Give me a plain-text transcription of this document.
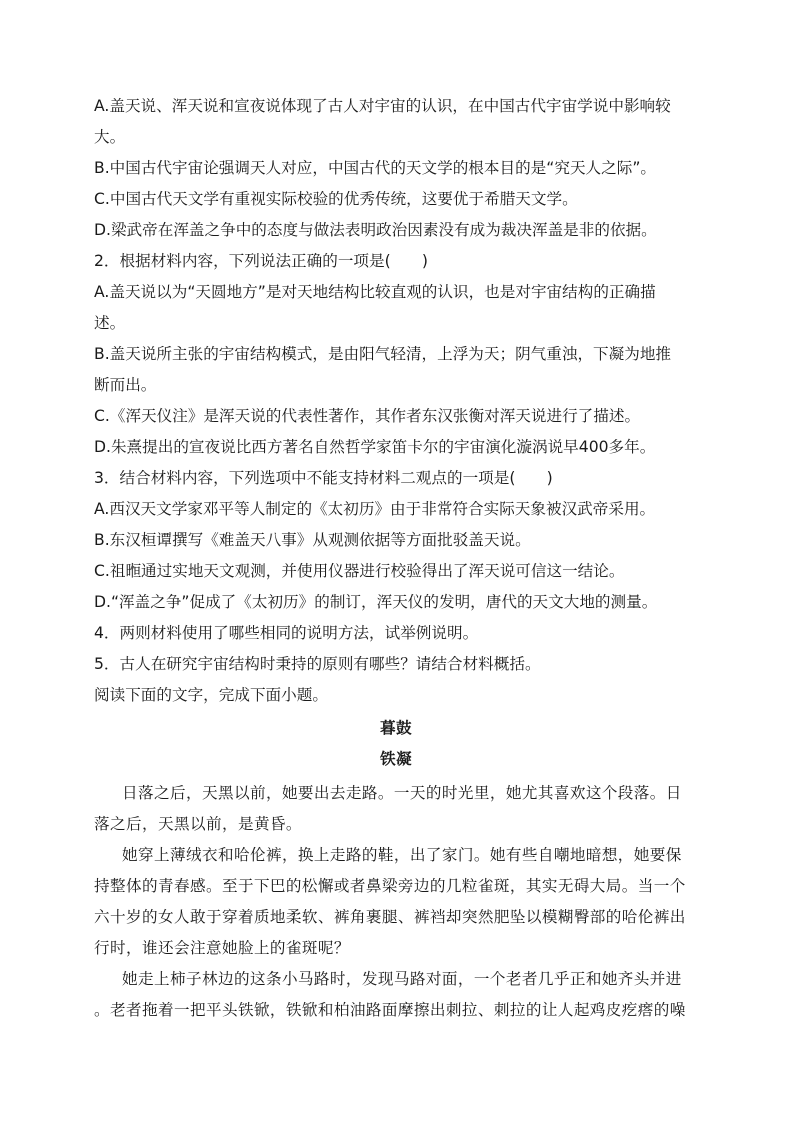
A.盖天说、浑天说和宣夜说体现了古人对宇宙的认识，在中国古代宇宙学说中影响较
大。
B.中国古代宇宙论强调天人对应，中国古代的天文学的根本目的是“究天人之际”。
C.中国古代天文学有重视实际校验的优秀传统，这要优于希腊天文学。
D.梁武帝在浑盖之争中的态度与做法表明政治因素没有成为裁决浑盖是非的依据。
2．根据材料内容，下列说法正确的一项是(　　)
A.盖天说以为“天圆地方”是对天地结构比较直观的认识，也是对宇宙结构的正确描
述。
B.盖天说所主张的宇宙结构模式，是由阳气轻清，上浮为天；阴气重浊，下凝为地推
断而出。
C.《浑天仪注》是浑天说的代表性著作，其作者东汉张衡对浑天说进行了描述。
D.朱熹提出的宣夜说比西方著名自然哲学家笛卡尔的宇宙演化漩涡说早400多年。
3．结合材料内容，下列选项中不能支持材料二观点的一项是(　　)
A.西汉天文学家邓平等人制定的《太初历》由于非常符合实际天象被汉武帝采用。
B.东汉桓谭撰写《难盖天八事》从观测依据等方面批驳盖天说。
C.祖暅通过实地天文观测，并使用仪器进行校验得出了浑天说可信这一结论。
D.“浑盖之争”促成了《太初历》的制订，浑天仪的发明，唐代的天文大地的测量。
4．两则材料使用了哪些相同的说明方法，试举例说明。
5．古人在研究宇宙结构时秉持的原则有哪些？请结合材料概括。
阅读下面的文字，完成下面小题。
暮鼓
铁凝
日落之后，天黑以前，她要出去走路。一天的时光里，她尤其喜欢这个段落。日
落之后，天黑以前，是黄昏。
她穿上薄绒衣和哈伦裤，换上走路的鞋，出了家门。她有些自嘲地暗想，她要保
持整体的青春感。至于下巴的松懈或者鼻梁旁边的几粒雀斑，其实无碍大局。当一个
六十岁的女人敢于穿着质地柔软、裤角裹腿、裤裆却突然肥坠以模糊臀部的哈伦裤出
行时，谁还会注意她脸上的雀斑呢？
她走上柿子林边的这条小马路时，发现马路对面，一个老者几乎正和她齐头并进
。老者拖着一把平头铁锨，铁锨和柏油路面摩擦出刺拉、刺拉的让人起鸡皮疙瘩的噪
